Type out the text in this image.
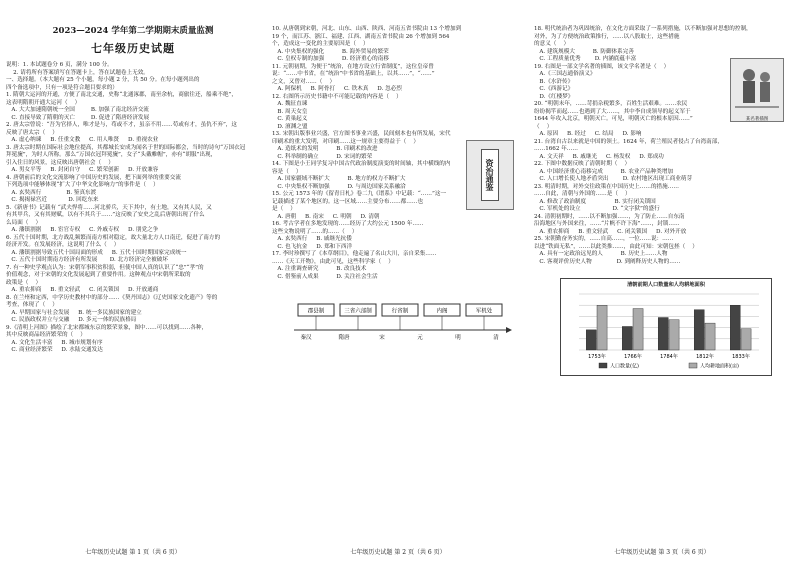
2023—2024 学年第二学期期末质量监测
七年级历史试题
说明：1. 本试题卷分 6 页，满分 100 分。
2. 请将所有答案填写在答题卡上，答在试题卷上无效。
一、选择题。（本大题有 25 个小题，每小题 2 分，共 50 分。在每小题列出的
四个备选项中，只有一项是符合题目要求的）
1. 隋朝大运河的开通，方便了南北交通，史称“北通涿郡，南至余杭，商旅往还，船乘不绝”，
这表明隋朝开通大运河（    ）
A. 大大加速隋朝统一全国         B. 加强了南北经济交流
C. 直接导致了隋朝的灭亡         D. 促进了隋唐经济发展
2. 唐太宗曾说：“吾为官择人，唯才是与，苟或不才，虽亲不用……苟或有才，虽仇不弃”，这
反映了唐太宗（    ）
A. 虚心纳谏     B. 任重文教     C. 用人唯贤     D. 重视农业
3. 唐太宗时期在国际社会地位提高，其都城长安成为闻名于世的国际都会，当时的诗句“万国衣冠
拜冕旒”，为时人所称。那么“万国衣冠拜冕旒”，女子“头戴帷帽”，亦有“胡服”出现，
引入住日的风景，这反映出唐朝社会（    ）
A. 男女平等     B. 封闭自守     C. 繁荣创新     D. 开放兼容
4. 唐朝前后的文化交流影响了中国历史的发展，把下面列举的重要交流
下列选项中能够体现“扩大了中华文化影响力”的事件是（    ）
A. 玄奘西行              B. 鉴真东渡
C. 揭揭禄宫近            D. 回纥东来
5.《新唐书》记载有 “武夫悍将……河北骄兵，天下其中，有土地，又有其人民，又
有其甲兵，又有其财赋，以有不其兵于……”这反映了安史之乱后唐朝出现了什么
么局面（    ）
A. 藩镇割据     B. 宦官专权     C. 外戚专权     D. 朋党之争
6. 五代十国时期，北方战乱频繁而南方相对稳定，故大量北方人口南迁，促进了南方的
经济开发。在发展经济，这说明了什么（    ）
A. 藩镇割据导致五代十国局面的形成     B. 五代十国时期国家完成统一
C. 五代十国时期南方经济有所发展       D. 北方经济完全被破坏
7. 有一种史学观点认为：宋朝军事积贫积弱，但使中国人真的认识了“忠”“孝”的
价值观念，对于宋朝的文化发展起到了重要作用。这种观点中宋朝所采取的
政策是（    ）
A. 重农抑商     B. 重文轻武     C. 闭关锁国     D. 开放通商
8. 在兰州和定西，中学历史教材中的部分……《契丹国志》《辽史国家文化遗产》等的
考查，体现了（    ）
A. 早期国家与社会发展     B. 统一多民族国家的建立
C. 民族政权并立与交融     D. 多元一体的民族格局
9.《清明上河图》描绘了北宋都城东京的繁荣景象，图中……可以找到……各种，
其中反映商品经济繁荣的（    ）
A. 文化生活丰富     B. 城市规划有序
C. 商业经济繁荣     D. 水陆交通发达
七年级历史试题 第 1 页（共 6 页）
10. 从唐朝到宋朝，河北、山东、山西、陕西、河南五省书院由 13 个增加到
19 个，而江苏、浙江、福建、江西、湖南五省书院由 26 个增加到 564
个，造成这一变化的主要原因是（    ）
A. 中央集权的强化          B. 海外贸易的繁荣
C. 皇权专制的加强          D. 经济重心的南移
11. 元朝初期，为便于“统治，在地方设立行省制度”，这位皇帝曾
说：“……中书省，在“统治”中书省的基础上，以其……”，“……”
之文，又曾对……（    ）
A. 阿保机     B. 阿骨打     C. 铁木真     D. 忽必烈
12. 右图所示历史书籍中不可能记载的内容是（    ）
A. 魏征直谏
B. 周天女皇
C. 黄巢起义
D. 澶渊之盟
13. 宋朝出版事业兴盛，官方图书事业兴盛，民间刻本也有所发展，宋代
印刷术的重大发明，对印刷……这一规章主要得益于（    ）
A. 造纸术的发明          B. 印刷术的改进
C. 科举制的确立          D. 宋词的繁荣
14. 下图是小王同学复习中国古代政治制度演变的时间轴，其中横线的内
容是（    ）
A. 国家疆域不断扩大          B. 地方的权力不断扩大
C. 中央集权不断加强          D. 与周边国家关系融洽
15. 公元 1573 年的《留青日札》卷二九《谱系》中记载：“……”这一
记载描述了某个地区的。这一区域……主要分布……都……也
是（    ）
A. 唐朝     B. 南宋     C. 明朝     D. 清朝
16. 考古学者在多地发现的……经历了大约公元 1500 年……
这些文物说明了……的……（    ）
A. 玄奘西行     B. 戚继光抗倭
C. 也飞抗金     D. 郑和下西洋
17. 李时珍撰写了《本草纲目》，他走遍了名山大川，亲自采集……
……《天工开物》，由此可见，这些科学家（    ）
A. 注重调查研究          B. 改良技术
C. 借鉴前人成果          D. 关注社会生活
资治通鉴
郡县制	三省六部制	行省制	内阁	军机处
秦汉	隋唐	宋	元	明	清
七年级历史试题 第 2 页（共 6 页）
18. 明代统治者为巩固统治，在文化方面采取了一系列措施，以不断加强对思想的控制，
对外，为了方便统治政策推行，……以八股取士，这些措施
的意义（    ）
A. 建筑规模大          B. 防御体系完善
C. 工程质量优秀        D. 内涵底蕴丰富
19. 右图是一部文学名著的插图，该文学名著是（    ）
A.《三国志通俗演义》
B.《水浒传》
C.《西游记》
D.《红楼梦》
20. “明朝末年，……苛捐杂税繁多，百姓生活艰难。……农民
纷纷揭竿而起……也遇到了大……，其中李自成领导的起义军于
1644 年攻入北京，明朝灭亡。可见，明朝灭亡的根本原因……”
（    ）
A. 原因     B. 经过     C. 结局     D. 影响
21. 台湾自古以来就是中国的领土。1624 年，荷兰殖民者侵占了台湾南部，
……1662 年……
A. 文天祥     B. 戚继光     C. 杨发权     D. 郑成功
22. 下图中数据反映了清朝时期（    ）
A. 中国经济重心南移完成          B. 农业产品种类增加
C. 人口增长使人地矛盾突出        D. 农村地区出现工商业萌芽
23. 明清时期，对外交往政策在中国历史上……的措施……
……自此，清朝与外国的……是（    ）
A. 修改了政治制度                B. 实行闭关锁国
C. 军机处的设立                  D. “文字狱”的盛行
24. 清朝初期时，……以不断加强……，为了防止……自东南
沿海地区与外国来往，……“片帆不许下海”……，封锁……
A. 重农抑商     B. 重文轻武     C. 闭关锁国     D. 对外开放
25. 宋朝勤奋务实的，……自高……，一位……说：……
以进“铁面无私”，……以此类推……，由此可知：宋朝包拯（    ）
A. 具有一定政治远见的人          B. 历史上……人物
C. 客观评价历史人物              D. 到阐释历史人物的……
某名著插图
清朝前期人口数量和人均耕地面积
1753年	1766年	1784年	1812年	1833年
人口数量(亿)	人均耕地面积(亩)
七年级历史试题 第 3 页（共 6 页）
